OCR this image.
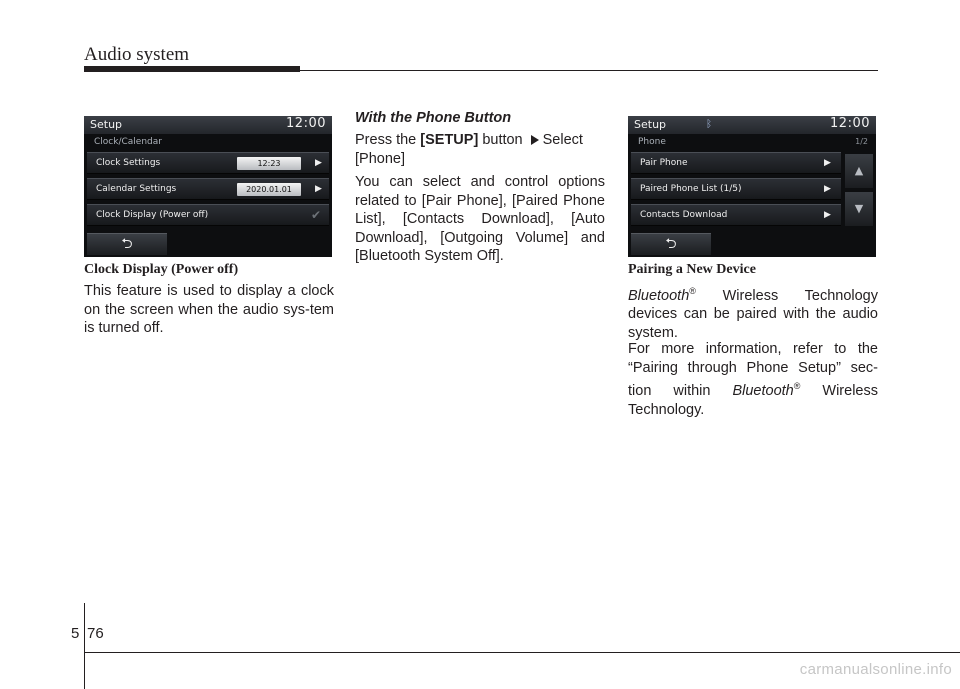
Audio system
Setup	12:00
Clock/Calendar
Clock Settings	12:23	▶
Calendar Settings	2020.01.01	▶
Clock Display (Power off)	✔
⮌
Clock Display (Power off)
This feature is used to display a clock on the screen when the audio sys-tem is turned off.
With the Phone Button
Press the [SETUP] button Select [Phone]
You can select and control options related to [Pair Phone], [Paired Phone List], [Contacts Download], [Auto Download], [Outgoing Volume] and [Bluetooth System Off].
Setup	ᛒ	12:00
Phone	1/2
Pair Phone	▶
Paired Phone List (1/5)	▶
Contacts Download	▶
▲
▼
⮌
Pairing a New Device
Bluetooth® Wireless Technology devices can be paired with the audio system.
For more information, refer to the “Pairing through Phone Setup” sec-tion within Bluetooth® Wireless Technology.
5 76
carmanualsonline.info
